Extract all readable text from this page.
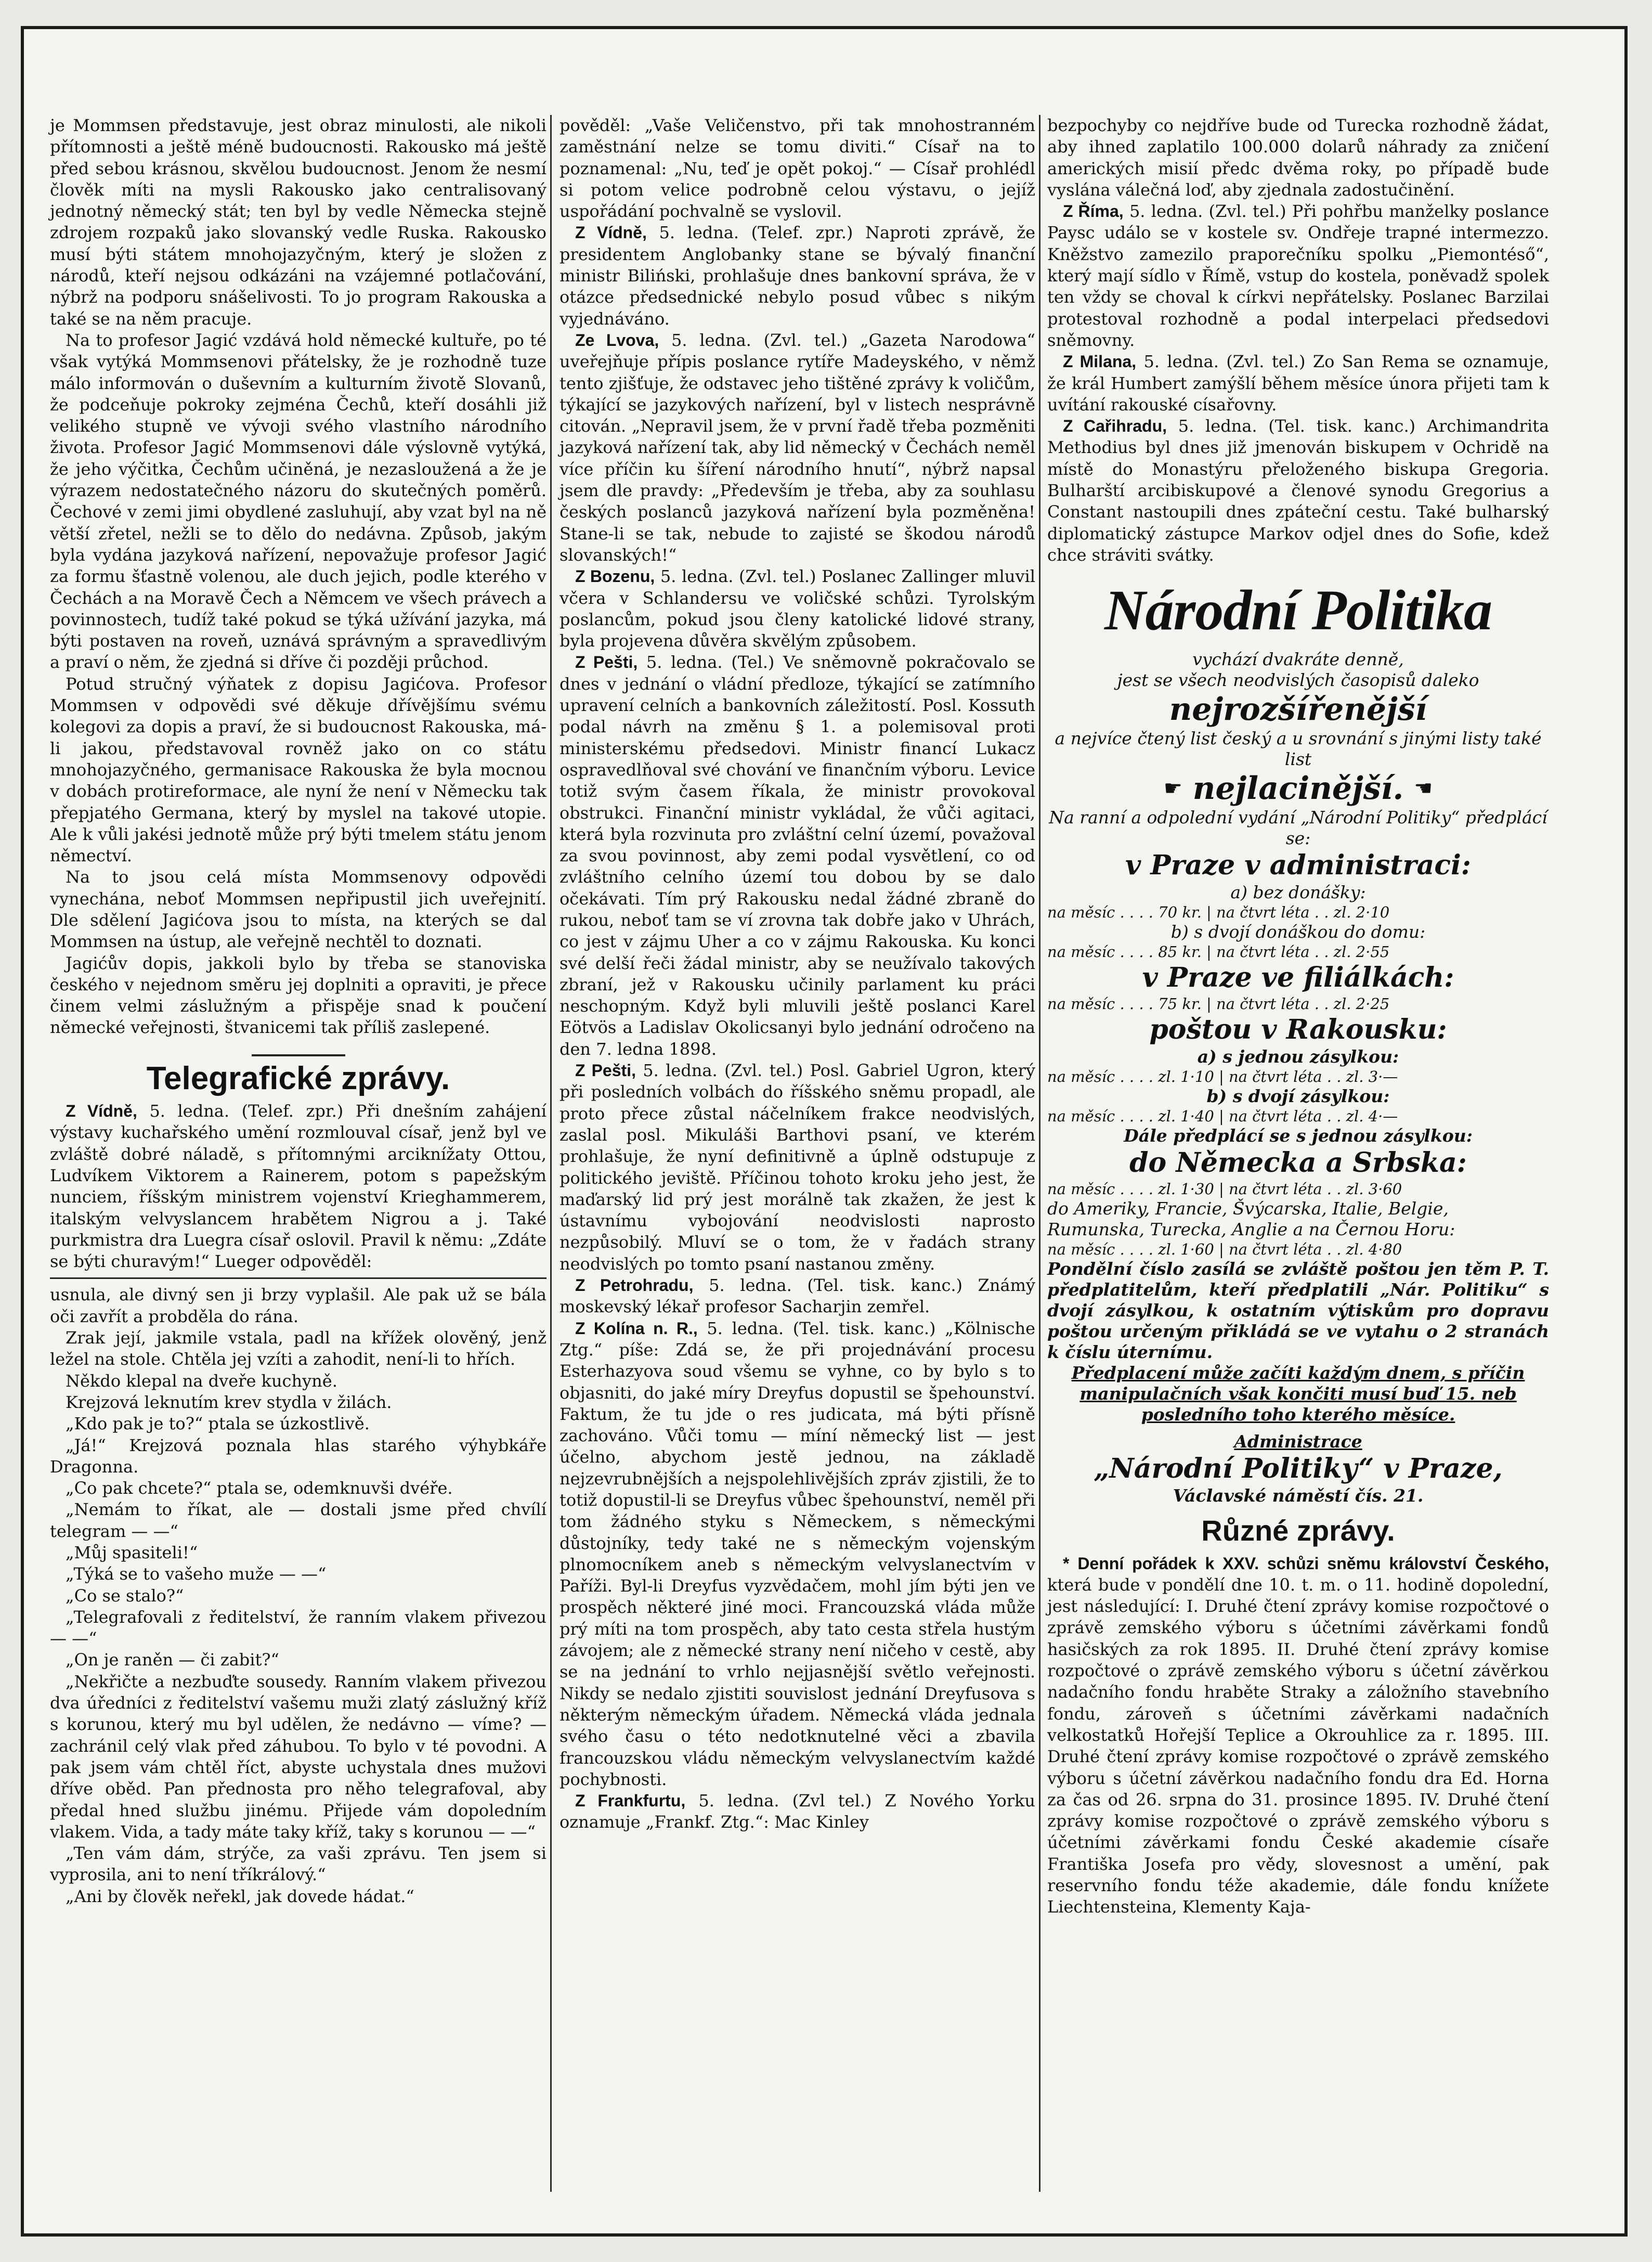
je Mommsen představuje, jest obraz minulosti, ale nikoli přítomnosti a ještě méně budoucnosti. Rakousko má ještě před sebou krásnou, skvělou budoucnost. Jenom že nesmí člověk míti na mysli Rakousko jako centralisovaný jednotný německý stát; ten byl by vedle Německa stejně zdrojem rozpaků jako slovanský vedle Ruska. Rakousko musí býti státem mnohojazyčným, který je složen z národů, kteří nejsou odkázáni na vzájemné potlačování, nýbrž na podporu snášelivosti. To jo program Rakouska a také se na něm pracuje.

Na to profesor Jagić vzdává hold německé kultuře, po té však vytýká Mommsenovi přátelsky, že je rozhodně tuze málo informován o duševním a kulturním životě Slovanů, že podceňuje pokroky zejména Čechů, kteří dosáhli již velikého stupně ve vývoji svého vlastního národního života. Profesor Jagić Mommsenovi dále výslovně vytýká, že jeho výčitka, Čechům učiněná, je nezasloužená a že je výrazem nedostatečného názoru do skutečných poměrů. Čechové v zemi jimi obydlené zasluhují, aby vzat byl na ně větší zřetel, nežli se to dělo do nedávna. Způsob, jakým byla vydána jazyková nařízení, nepovažuje profesor Jagić za formu šťastně volenou, ale duch jejich, podle kterého v Čechách a na Moravě Čech a Němcem ve všech právech a povinnostech, tudíž také pokud se týká užívání jazyka, má býti postaven na roveň, uznává správným a spravedlivým a praví o něm, že zjedná si dříve či později průchod.

Potud stručný výňatek z dopisu Jagićova. Profesor Mommsen v odpovědi své děkuje dřívějšímu svému kolegovi za dopis a praví, že si budoucnost Rakouska, má-li jakou, představoval rovněž jako on co státu mnohojazyčného, germanisace Rakouska že byla mocnou v dobách protireformace, ale nyní že není v Německu tak přepjatého Germana, který by myslel na takové utopie. Ale k vůli jakési jednotě může prý býti tmelem státu jenom němectví.

Na to jsou celá místa Mommsenovy odpovědi vynechána, neboť Mommsen nepřipustil jich uveřejnití. Dle sdělení Jagićova jsou to místa, na kterých se dal Mommsen na ústup, ale veřejně nechtěl to doznati.

Jagićův dopis, jakkoli bylo by třeba se stanoviska českého v nejednom směru jej doplniti a opraviti, je přece činem velmi záslužným a přispěje snad k poučení německé veřejnosti, štvanicemi tak příliš zaslepené.

Telegrafické zprávy.

Z Vídně, 5. ledna. (Telef. zpr.) Při dnešním zahájení výstavy kuchařského umění rozmlouval císař, jenž byl ve zvláště dobré náladě, s přítomnými arciknížaty Ottou, Ludvíkem Viktorem a Rainerem, potom s papežským nunciem, říšským ministrem vojenství Krieghammerem, italským velvyslancem hrabětem Nigrou a j. Také purkmistra dra Luegra císař oslovil. Pravil k němu: „Zdáte se býti churavým!“ Lueger odpověděl:

usnula, ale divný sen ji brzy vyplašil. Ale pak už se bála oči zavřít a probděla do rána.

Zrak její, jakmile vstala, padl na křížek olověný, jenž ležel na stole. Chtěla jej vzíti a zahodit, není-li to hřích.

Někdo klepal na dveře kuchyně.

Krejzová leknutím krev stydla v žilách.

„Kdo pak je to?“ ptala se úzkostlivě.

„Já!“ Krejzová poznala hlas starého výhybkáře Dragonna.

„Co pak chcete?“ ptala se, odemknuvši dvéře.

„Nemám to říkat, ale — dostali jsme před chvílí telegram — —“

„Můj spasiteli!“

„Týká se to vašeho muže — —“

„Co se stalo?“

„Telegrafovali z ředitelství, že ranním vlakem přivezou — —“

„On je raněn — či zabit?“

„Nekřičte a nezbuďte sousedy. Ranním vlakem přivezou dva úředníci z ředitelství vašemu muži zlatý záslužný kříž s korunou, který mu byl udělen, že nedávno — víme? — zachránil celý vlak před záhubou. To bylo v té povodni. A pak jsem vám chtěl říct, abyste uchystala dnes mužovi dříve oběd. Pan přednosta pro něho telegrafoval, aby předal hned službu jinému. Přijede vám dopoledním vlakem. Vida, a tady máte taky kříž, taky s korunou — —“

„Ten vám dám, strýče, za vaši zprávu. Ten jsem si vyprosila, ani to není tříkrálový.“

„Ani by člověk neřekl, jak dovede hádat.“

pověděl: „Vaše Veličenstvo, při tak mnohostranném zaměstnání nelze se tomu diviti.“ Císař na to poznamenal: „Nu, teď je opět pokoj.“ — Císař prohlédl si potom velice podrobně celou výstavu, o jejíž uspořádání pochvalně se vyslovil.

Z Vídně, 5. ledna. (Telef. zpr.) Naproti zprávě, že presidentem Anglobanky stane se bývalý finanční ministr Biliński, prohlašuje dnes bankovní správa, že v otázce předsednické nebylo posud vůbec s nikým vyjednáváno.

Ze Lvova, 5. ledna. (Zvl. tel.) „Gazeta Narodowa“ uveřejňuje přípis poslance rytíře Madeyského, v němž tento zjišťuje, že odstavec jeho tištěné zprávy k voličům, týkající se jazykových nařízení, byl v listech nesprávně citován. „Nepravil jsem, že v první řadě třeba pozměniti jazyková nařízení tak, aby lid německý v Čechách neměl více příčin ku šíření národního hnutí“, nýbrž napsal jsem dle pravdy: „Především je třeba, aby za souhlasu českých poslanců jazyková nařízení byla pozměněna! Stane-li se tak, nebude to zajisté se škodou národů slovanských!“

Z Bozenu, 5. ledna. (Zvl. tel.) Poslanec Zallinger mluvil včera v Schlandersu ve voličské schůzi. Tyrolským poslancům, pokud jsou členy katolické lidové strany, byla projevena důvěra skvělým způsobem.

Z Pešti, 5. ledna. (Tel.) Ve sněmovně pokračovalo se dnes v jednání o vládní předloze, týkající se zatímního upravení celních a bankovních záležitostí. Posl. Kossuth podal návrh na změnu § 1. a polemisoval proti ministerskému předsedovi. Ministr financí Lukacz ospravedlňoval své chování ve finančním výboru. Levice totiž svým časem říkala, že ministr provokoval obstrukci. Finanční ministr vykládal, že vůči agitaci, která byla rozvinuta pro zvláštní celní území, považoval za svou povinnost, aby zemi podal vysvětlení, co od zvláštního celního území tou dobou by se dalo očekávati. Tím prý Rakousku nedal žádné zbraně do rukou, neboť tam se ví zrovna tak dobře jako v Uhrách, co jest v zájmu Uher a co v zájmu Rakouska. Ku konci své delší řeči žádal ministr, aby se neužívalo takových zbraní, jež v Rakousku učinily parlament ku práci neschopným. Když byli mluvili ještě poslanci Karel Eötvös a Ladislav Okolicsanyi bylo jednání odročeno na den 7. ledna 1898.

Z Pešti, 5. ledna. (Zvl. tel.) Posl. Gabriel Ugron, který při posledních volbách do říšského sněmu propadl, ale proto přece zůstal náčelníkem frakce neodvislých, zaslal posl. Mikuláši Barthovi psaní, ve kterém prohlašuje, že nyní definitivně a úplně odstupuje z politického jeviště. Příčinou tohoto kroku jeho jest, že maďarský lid prý jest morálně tak zkažen, že jest k ústavnímu vybojování neodvislosti naprosto nezpůsobilý. Mluví se o tom, že v řadách strany neodvislých po tomto psaní nastanou změny.

Z Petrohradu, 5. ledna. (Tel. tisk. kanc.) Známý moskevský lékař profesor Sacharjin zemřel.

Z Kolína n. R., 5. ledna. (Tel. tisk. kanc.) „Kölnische Ztg.“ píše: Zdá se, že při projednávání procesu Esterhazyova soud všemu se vyhne, co by bylo s to objasniti, do jaké míry Dreyfus dopustil se špehounství. Faktum, že tu jde o res judicata, má býti přísně zachováno. Vůči tomu — míní německý list — jest účelno, abychom jestě jednou, na základě nejzevrubnějších a nejspolehlivějších zpráv zjistili, že to totiž dopustil-li se Dreyfus vůbec špehounství, neměl při tom žádného styku s Německem, s německými důstojníky, tedy také ne s německým vojenským plnomocníkem aneb s německým velvyslanectvím v Paříži. Byl-li Dreyfus vyzvědačem, mohl jím býti jen ve prospěch některé jiné moci. Francouzská vláda může prý míti na tom prospěch, aby tato cesta střela hustým závojem; ale z německé strany není ničeho v cestě, aby se na jednání to vrhlo nejjasnější světlo veřejnosti. Nikdy se nedalo zjistiti souvislost jednání Dreyfusova s některým německým úřadem. Německá vláda jednala svého času o této nedotknutelné věci a zbavila francouzskou vládu německým velvyslanectvím každé pochybnosti.

Z Frankfurtu, 5. ledna. (Zvl tel.) Z Nového Yorku oznamuje „Frankf. Ztg.“: Mac Kinley

bezpochyby co nejdříve bude od Turecka rozhodně žádat, aby ihned zaplatilo 100.000 dolarů náhrady za zničení amerických misií předc dvěma roky, po případě bude vyslána válečná loď, aby zjednala zadostučinění.

Z Říma, 5. ledna. (Zvl. tel.) Při pohřbu manželky poslance Paysc událo se v kostele sv. Ondřeje trapné intermezzo. Kněžstvo zamezilo praporečníku spolku „Piemontéső“, který mají sídlo v Římě, vstup do kostela, poněvadž spolek ten vždy se choval k církvi nepřátelsky. Poslanec Barzilai protestoval rozhodně a podal interpelaci předsedovi sněmovny.

Z Milana, 5. ledna. (Zvl. tel.) Zo San Rema se oznamuje, že král Humbert zamýšlí během měsíce února přijeti tam k uvítání rakouské císařovny.

Z Cařihradu, 5. ledna. (Tel. tisk. kanc.) Archimandrita Methodius byl dnes již jmenován biskupem v Ochridě na místě do Monastýru přeloženého biskupa Gregoria. Bulharští arcibiskupové a členové synodu Gregorius a Constant nastoupili dnes zpáteční cestu. Také bulharský diplomatický zástupce Markov odjel dnes do Sofie, kdež chce stráviti svátky.

Národní Politika
vychází dvakráte denně,
jest se všech neodvislých časopisů daleko
nejrozšířenější
a nejvíce čtený list český a u srovnání s jinými listy také list
☛ nejlacinější. ☚
Na ranní a odpolední vydání „Národní Politiky“ předplácí se:
v Praze v administraci:
a) bez donášky:
na měsíc . . . . 70 kr. | na čtvrt léta . . zl. 2·10
b) s dvojí donáškou do domu:
na měsíc . . . . 85 kr. | na čtvrt léta . . zl. 2·55
v Praze ve filiálkách:
na měsíc . . . . 75 kr. | na čtvrt léta . . zl. 2·25
poštou v Rakousku:
a) s jednou zásylkou:
na měsíc . . . . zl. 1·10 | na čtvrt léta . . zl. 3·—
b) s dvojí zásylkou:
na měsíc . . . . zl. 1·40 | na čtvrt léta . . zl. 4·—
Dále předplácí se s jednou zásylkou:
do Německa a Srbska:
na měsíc . . . . zl. 1·30 | na čtvrt léta . . zl. 3·60
do Ameriky, Francie, Švýcarska, Italie, Belgie, Rumunska, Turecka, Anglie a na Černou Horu:
na měsíc . . . . zl. 1·60 | na čtvrt léta . . zl. 4·80
Pondělní číslo zasílá se zvláště poštou jen těm P. T. předplatitelům, kteří předplatili „Nár. Politiku“ s dvojí zásylkou, k ostatním výtiskům pro dopravu poštou určeným přikládá se ve vytahu o 2 stranách k číslu úternímu.
Předplacení může začíti každým dnem, s příčin
manipulačních však končiti musí buď 15. neb
posledního toho kterého měsíce.
Administrace
„Národní Politiky“ v Praze,
Václavské náměstí čís. 21.
Různé zprávy.

* Denní pořádek k XXV. schůzi sněmu království Českého, která bude v pondělí dne 10. t. m. o 11. hodině dopolední, jest následující: I. Druhé čtení zprávy komise rozpočtové o zprávě zemského výboru s účetními závěrkami fondů hasičských za rok 1895. II. Druhé čtení zprávy komise rozpočtové o zprávě zemského výboru s účetní závěrkou nadačního fondu hraběte Straky a záložního stavebního fondu, zároveň s účetními závěrkami nadačních velkostatků Hořejší Teplice a Okrouhlice za r. 1895. III. Druhé čtení zprávy komise rozpočtové o zprávě zemského výboru s účetní závěrkou nadačního fondu dra Ed. Horna za čas od 26. srpna do 31. prosince 1895. IV. Druhé čtení zprávy komise rozpočtové o zprávě zemského výboru s účetními závěrkami fondu České akademie císaře Františka Josefa pro vědy, slovesnost a umění, pak reservního fondu téže akademie, dále fondu knížete Liechtensteina, Klementy Kaja-
